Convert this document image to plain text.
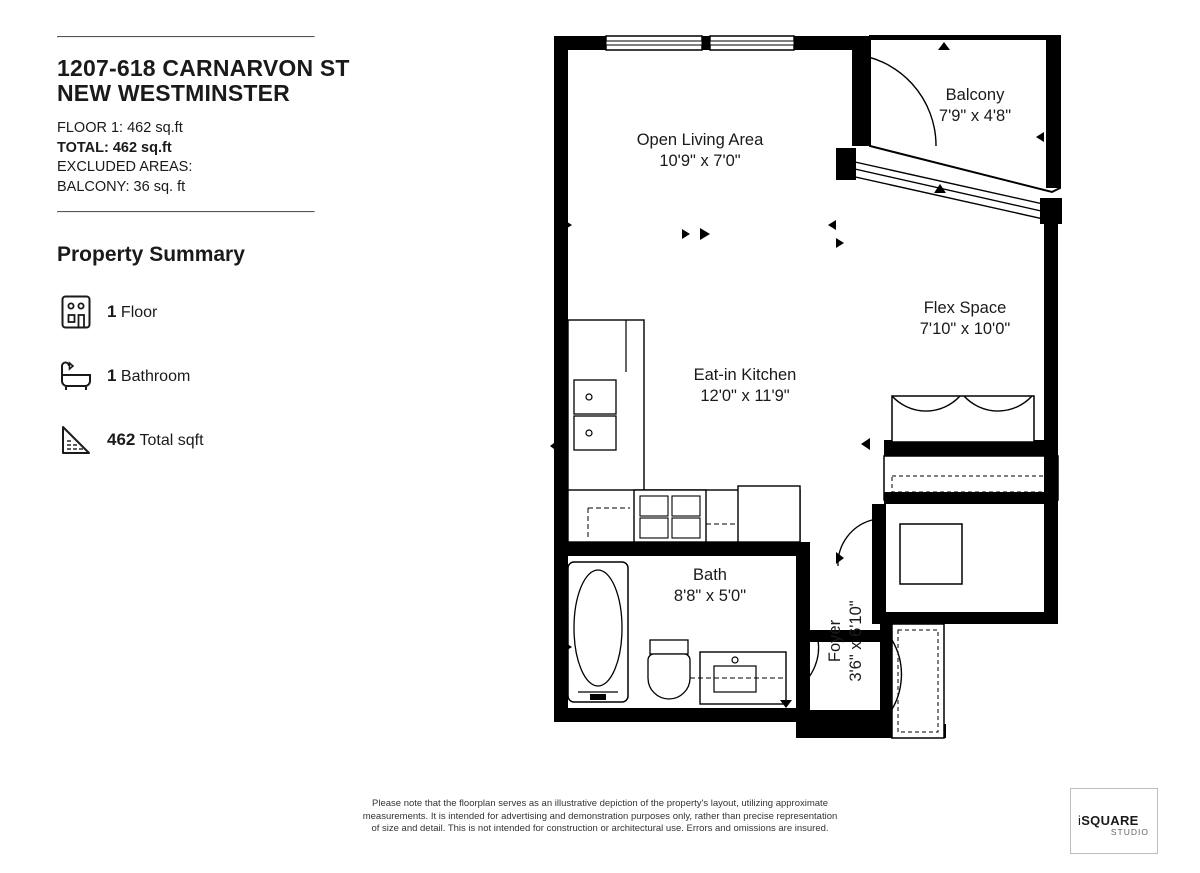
1207-618 CARNARVON ST
NEW WESTMINSTER
FLOOR 1: 462 sq.ft
TOTAL: 462 sq.ft
EXCLUDED AREAS:
BALCONY: 36 sq. ft
Property Summary
1 Floor
1 Bathroom
462 Total sqft
Open Living Area
10'9" x 7'0"
Balcony
7'9" x 4'8"
Flex Space
7'10" x 10'0"
Eat-in Kitchen
12'0" x 11'9"
Bath
8'8" x 5'0"
Foyer 3'6" x 6'10"
Please note that the floorplan serves as an illustrative depiction of the property's layout, utilizing approximate
measurements. It is intended for advertising and demonstration purposes only, rather than precise representation
of size and detail. This is not intended for construction or architectural use. Errors and omissions are insured.
iSQUARE
STUDIO
